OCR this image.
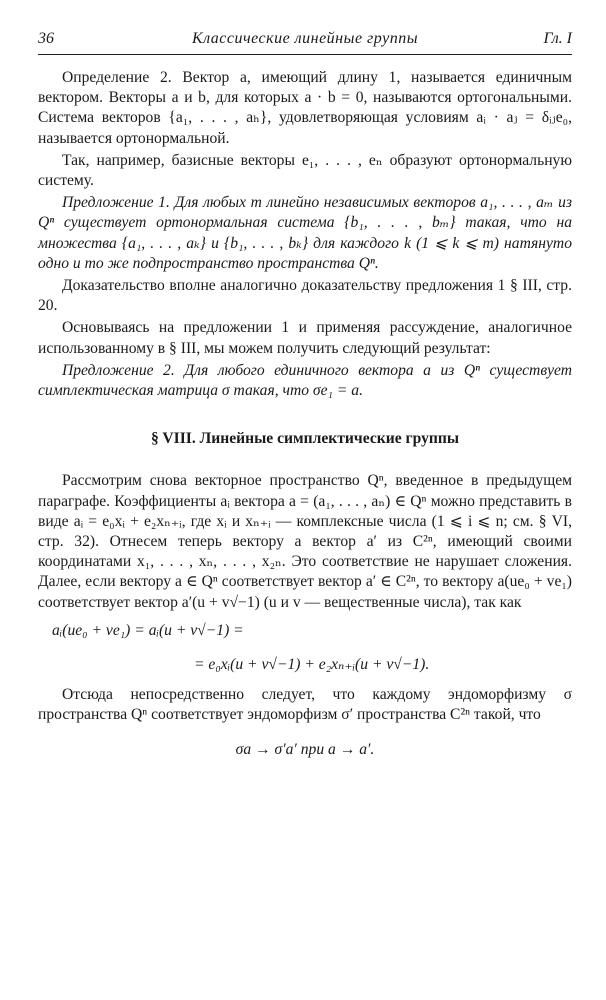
36	Классические линейные группы	Гл. I

Определение 2. Вектор a, имеющий длину 1, называется единичным вектором. Векторы a и b, для которых a · b = 0, называются ортогональными. Система векторов {a₁, . . . , aₕ}, удовлетворяющая условиям aᵢ · aⱼ = δᵢⱼe₀, называется ортонормальной.

Так, например, базисные векторы e₁, . . . , eₙ образуют ортонормальную систему.

Предложение 1. Для любых m линейно независимых векторов a₁, . . . , aₘ из Qⁿ существует ортонормальная система {b₁, . . . , bₘ} такая, что на множества {a₁, . . . , aₖ} и {b₁, . . . , bₖ} для каждого k (1 ⩽ k ⩽ m) натянуто одно и то же подпространство пространства Qⁿ.

Доказательство вполне аналогично доказательству предложения 1 § III, стр. 20.

Основываясь на предложении 1 и применяя рассуждение, аналогичное использованному в § III, мы можем получить следующий результат:

Предложение 2. Для любого единичного вектора a из Qⁿ существует симплектическая матрица σ такая, что σe₁ = a.

§ VIII. Линейные симплектические группы

Рассмотрим снова векторное пространство Qⁿ, введенное в предыдущем параграфе. Коэффициенты aᵢ вектора a = (a₁, . . . , aₙ) ∈ Qⁿ можно представить в виде aᵢ = e₀xᵢ + e₂xₙ₊ᵢ, где xᵢ и xₙ₊ᵢ — комплексные числа (1 ⩽ i ⩽ n; см. § VI, стр. 32). Отнесем теперь вектору a вектор a′ из C²ⁿ, имеющий своими координатами x₁, . . . , xₙ, . . . , x₂ₙ. Это соответствие не нарушает сложения. Далее, если вектору a ∈ Qⁿ соответствует вектор a′ ∈ C²ⁿ, то вектору a(ue₀ + ve₁) соответствует вектор a′(u + v√−1) (u и v — вещественные числа), так как

aᵢ(ue₀ + ve₁) = aᵢ(u + v√−1) =
= e₀xᵢ(u + v√−1) + e₂xₙ₊ᵢ(u + v√−1).

Отсюда непосредственно следует, что каждому эндоморфизму σ пространства Qⁿ соответствует эндоморфизм σ′ пространства C²ⁿ такой, что

σa → σ′a′ при a → a′.
